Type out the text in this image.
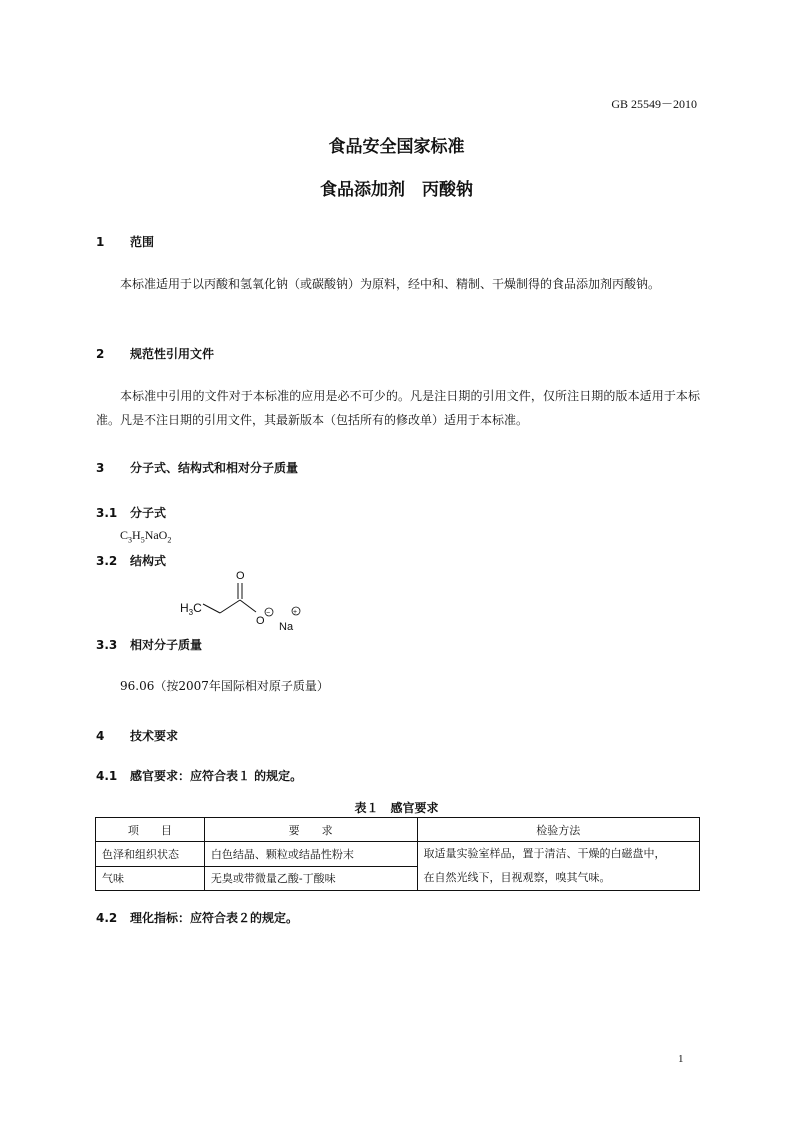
GB 25549－2010
食品安全国家标准
食品添加剂　丙酸钠
1 范围
本标准适用于以丙酸和氢氧化钠（或碳酸钠）为原料，经中和、精制、干燥制得的食品添加剂丙酸钠。
2 规范性引用文件
本标准中引用的文件对于本标准的应用是必不可少的。凡是注日期的引用文件，仅所注日期的版本适用于本标准。凡是不注日期的引用文件，其最新版本（包括所有的修改单）适用于本标准。
3 分子式、结构式和相对分子质量
3.1 分子式
$C_3H_5NaO_2$
3.2 结构式
O
$H_3C$
O
−
Na
+
3.3 相对分子质量
96.06（按2007年国际相对原子质量）
4 技术要求
4.1 感官要求：应符合表１ 的规定。
表１　感官要求
项　　目	要　　求	检验方法
色泽和组织状态	白色结晶、颗粒或结晶性粉末	取适量实验室样品，置于清洁、干燥的白磁盘中，
在自然光线下，目视观察，嗅其气味。

气味	无臭或带微量乙酸-丁酸味	
4.2 理化指标：应符合表２的规定。
1
